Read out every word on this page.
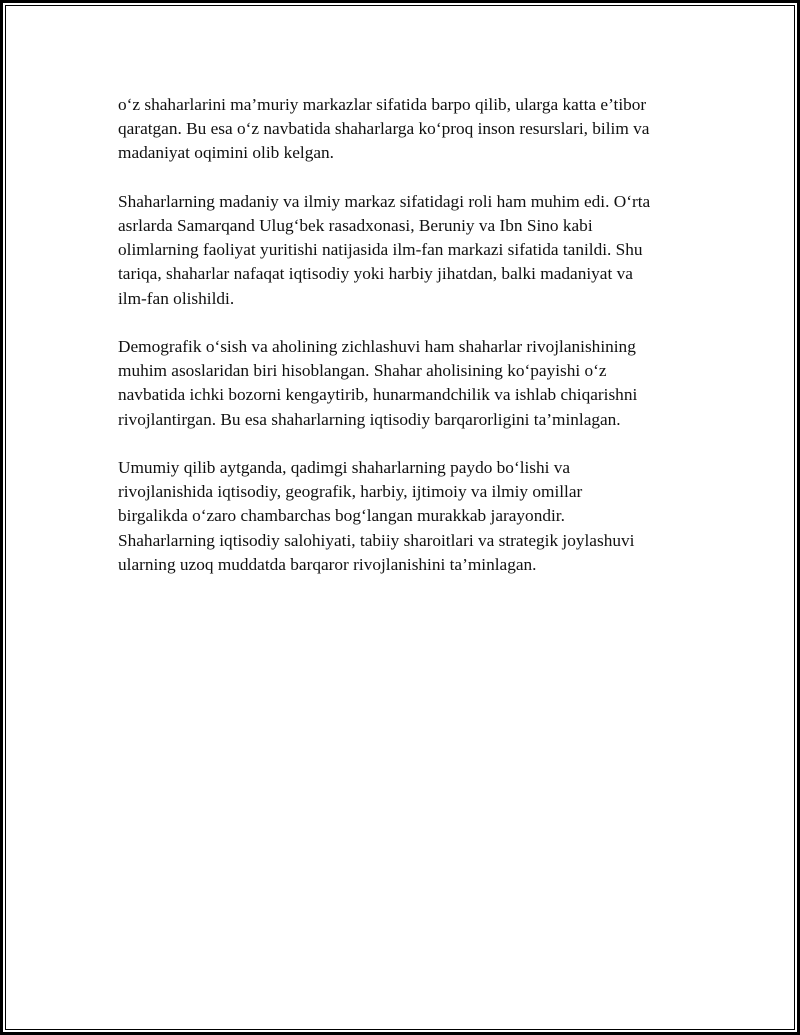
o‘z shaharlarini ma’muriy markazlar sifatida barpo qilib, ularga katta e’tibor
qaratgan. Bu esa o‘z navbatida shaharlarga ko‘proq inson resurslari, bilim va
madaniyat oqimini olib kelgan.

Shaharlarning madaniy va ilmiy markaz sifatidagi roli ham muhim edi. O‘rta
asrlarda Samarqand Ulug‘bek rasadxonasi, Beruniy va Ibn Sino kabi
olimlarning faoliyat yuritishi natijasida ilm-fan markazi sifatida tanildi. Shu
tariqa, shaharlar nafaqat iqtisodiy yoki harbiy jihatdan, balki madaniyat va
ilm-fan olishildi.

Demografik o‘sish va aholining zichlashuvi ham shaharlar rivojlanishining
muhim asoslaridan biri hisoblangan. Shahar aholisining ko‘payishi o‘z
navbatida ichki bozorni kengaytirib, hunarmandchilik va ishlab chiqarishni
rivojlantirgan. Bu esa shaharlarning iqtisodiy barqarorligini ta’minlagan.

Umumiy qilib aytganda, qadimgi shaharlarning paydo bo‘lishi va
rivojlanishida iqtisodiy, geografik, harbiy, ijtimoiy va ilmiy omillar
birgalikda o‘zaro chambarchas bog‘langan murakkab jarayondir.
Shaharlarning iqtisodiy salohiyati, tabiiy sharoitlari va strategik joylashuvi
ularning uzoq muddatda barqaror rivojlanishini ta’minlagan.
